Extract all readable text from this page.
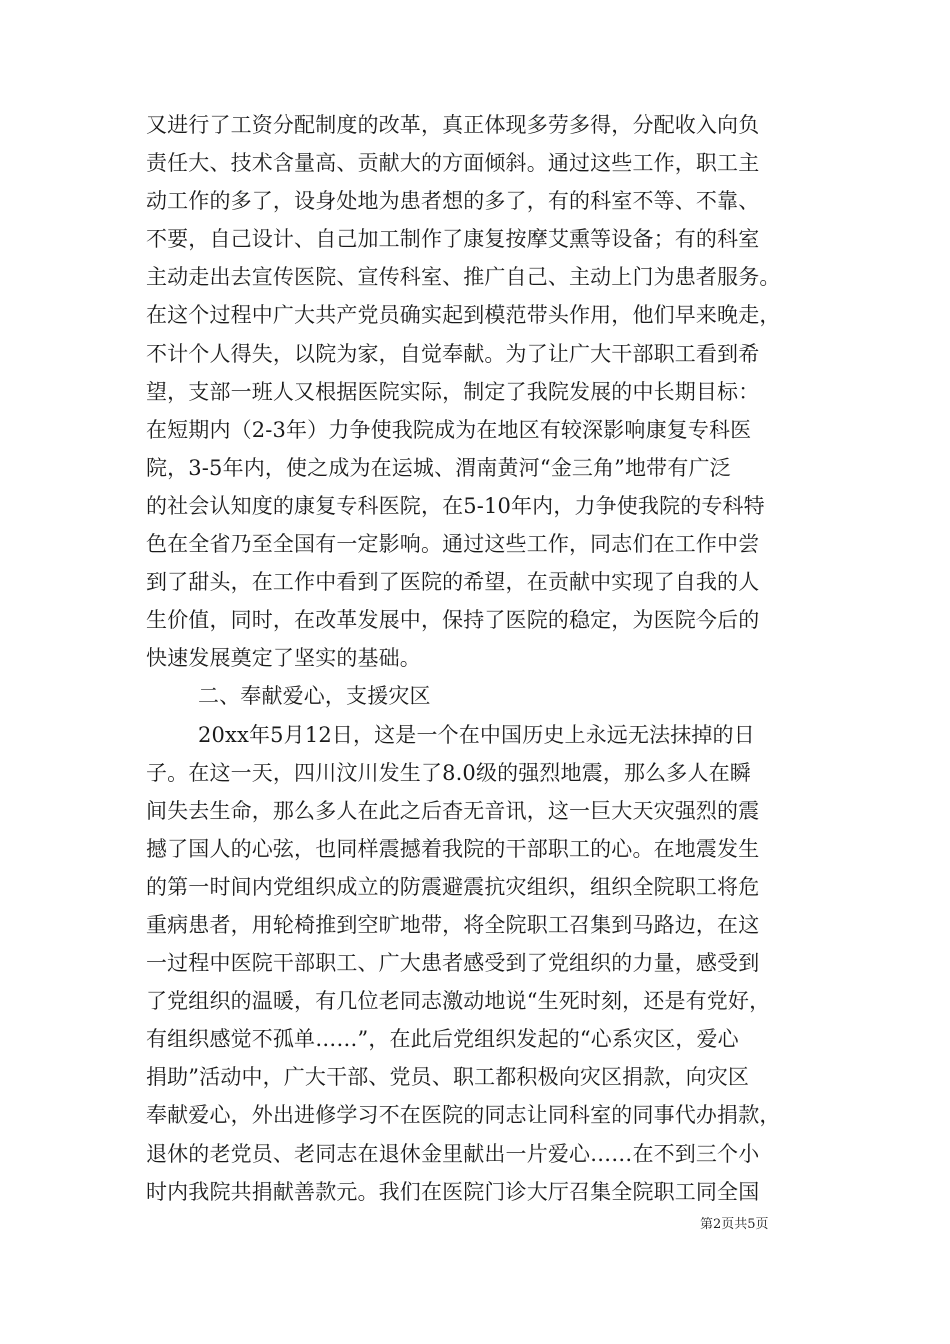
又进行了工资分配制度的改革，真正体现多劳多得，分配收入向负
责任大、技术含量高、贡献大的方面倾斜。通过这些工作，职工主
动工作的多了，设身处地为患者想的多了，有的科室不等、不靠、
不要，自己设计、自己加工制作了康复按摩艾熏等设备；有的科室
主动走出去宣传医院、宣传科室、推广自己、主动上门为患者服务。
在这个过程中广大共产党员确实起到模范带头作用，他们早来晚走，
不计个人得失，以院为家，自觉奉献。为了让广大干部职工看到希
望，支部一班人又根据医院实际，制定了我院发展的中长期目标：
在短期内（2-3年）力争使我院成为在地区有较深影响康复专科医
院，3-5年内，使之成为在运城、渭南黄河“金三角”地带有广泛
的社会认知度的康复专科医院，在5-10年内，力争使我院的专科特
色在全省乃至全国有一定影响。通过这些工作，同志们在工作中尝
到了甜头，在工作中看到了医院的希望，在贡献中实现了自我的人
生价值，同时，在改革发展中，保持了医院的稳定，为医院今后的
快速发展奠定了坚实的基础。
二、奉献爱心，支援灾区
20xx年5月12日，这是一个在中国历史上永远无法抹掉的日
子。在这一天，四川汶川发生了8.0级的强烈地震，那么多人在瞬
间失去生命，那么多人在此之后杳无音讯，这一巨大天灾强烈的震
撼了国人的心弦，也同样震撼着我院的干部职工的心。在地震发生
的第一时间内党组织成立的防震避震抗灾组织，组织全院职工将危
重病患者，用轮椅推到空旷地带，将全院职工召集到马路边，在这
一过程中医院干部职工、广大患者感受到了党组织的力量，感受到
了党组织的温暖，有几位老同志激动地说“生死时刻，还是有党好，
有组织感觉不孤单……”，在此后党组织发起的“心系灾区，爱心
捐助”活动中，广大干部、党员、职工都积极向灾区捐款，向灾区
奉献爱心，外出进修学习不在医院的同志让同科室的同事代办捐款，
退休的老党员、老同志在退休金里献出一片爱心……在不到三个小
时内我院共捐献善款元。我们在医院门诊大厅召集全院职工同全国
第2页共5页
